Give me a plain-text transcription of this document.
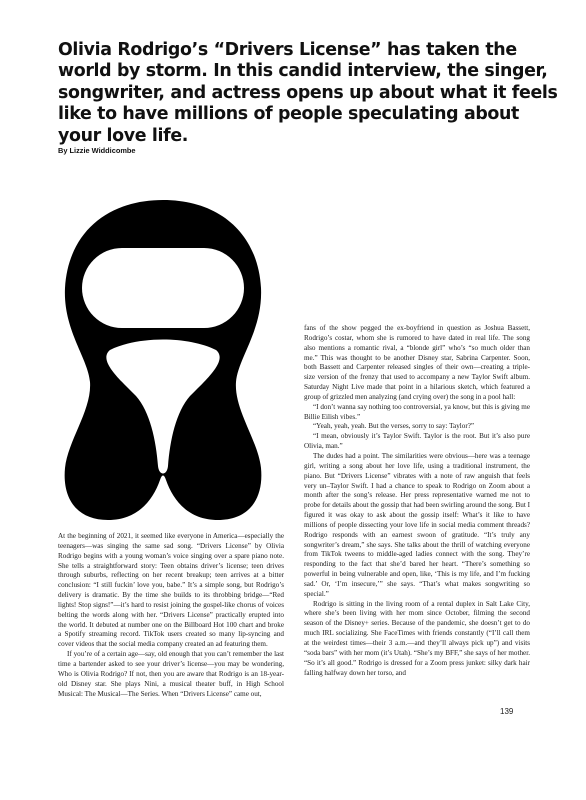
Olivia Rodrigo’s “Drivers License” has taken the world by storm. In this candid interview, the singer, songwriter, and actress opens up about what it feels like to have millions of people speculating about your love life.

By Lizzie Widdicombe

At the beginning of 2021, it seemed like everyone in America—especially the teenagers—was singing the same sad song. “Drivers License” by Olivia Rodrigo begins with a young woman’s voice singing over a spare piano note. She tells a straightforward story: Teen obtains driver’s license; teen drives through suburbs, reflecting on her recent breakup; teen arrives at a bitter conclusion: “I still fuckin’ love you, babe.” It’s a simple song, but Rodrigo’s delivery is dramatic. By the time she builds to its throbbing bridge—“Red lights! Stop signs!”—it’s hard to resist joining the gospel-like chorus of voices belting the words along with her. “Drivers License” practically erupted into the world. It debuted at number one on the Billboard Hot 100 chart and broke a Spotify streaming record. TikTok users created so many lip-syncing and cover videos that the social media company created an ad featuring them.

If you’re of a certain age—say, old enough that you can’t remember the last time a bartender asked to see your driver’s license—you may be wondering, Who is Olivia Rodrigo? If not, then you are aware that Rodrigo is an 18-year-old Disney star. She plays Nini, a musical theater buff, in High School Musical: The Musical—The Series. When “Drivers License” came out,

fans of the show pegged the ex-boyfriend in question as Joshua Bassett, Rodrigo’s costar, whom she is rumored to have dated in real life. The song also mentions a romantic rival, a “blonde girl” who’s “so much older than me.” This was thought to be another Disney star, Sabrina Carpenter. Soon, both Bassett and Carpenter released singles of their own—creating a triple-size version of the frenzy that used to accompany a new Taylor Swift album. Saturday Night Live made that point in a hilarious sketch, which featured a group of grizzled men analyzing (and crying over) the song in a pool hall:

“I don’t wanna say nothing too controversial, ya know, but this is giving me Billie Eilish vibes.”

“Yeah, yeah, yeah. But the verses, sorry to say: Taylor?”

“I mean, obviously it’s Taylor Swift. Taylor is the root. But it’s also pure Olivia, man.”

The dudes had a point. The similarities were obvious—here was a teenage girl, writing a song about her love life, using a traditional instrument, the piano. But “Drivers License” vibrates with a note of raw anguish that feels very un–Taylor Swift. I had a chance to speak to Rodrigo on Zoom about a month after the song’s release. Her press representative warned me not to probe for details about the gossip that had been swirling around the song. But I figured it was okay to ask about the gossip itself: What’s it like to have millions of people dissecting your love life in social media comment threads? Rodrigo responds with an earnest swoon of gratitude. “It’s truly any songwriter’s dream,” she says. She talks about the thrill of watching everyone from TikTok tweens to middle-aged ladies connect with the song. They’re responding to the fact that she’d bared her heart. “There’s something so powerful in being vulnerable and open, like, ‘This is my life, and I’m fucking sad.’ Or, ‘I’m insecure,’” she says. “That’s what makes songwriting so special.”

Rodrigo is sitting in the living room of a rental duplex in Salt Lake City, where she’s been living with her mom since October, filming the second season of the Disney+ series. Because of the pandemic, she doesn’t get to do much IRL socializing. She FaceTimes with friends constantly (“I’ll call them at the weirdest times—their 3 a.m.—and they’ll always pick up”) and visits “soda bars” with her mom (it’s Utah). “She’s my BFF,” she says of her mother. “So it’s all good.” Rodrigo is dressed for a Zoom press junket: silky dark hair falling halfway down her torso, and

139
